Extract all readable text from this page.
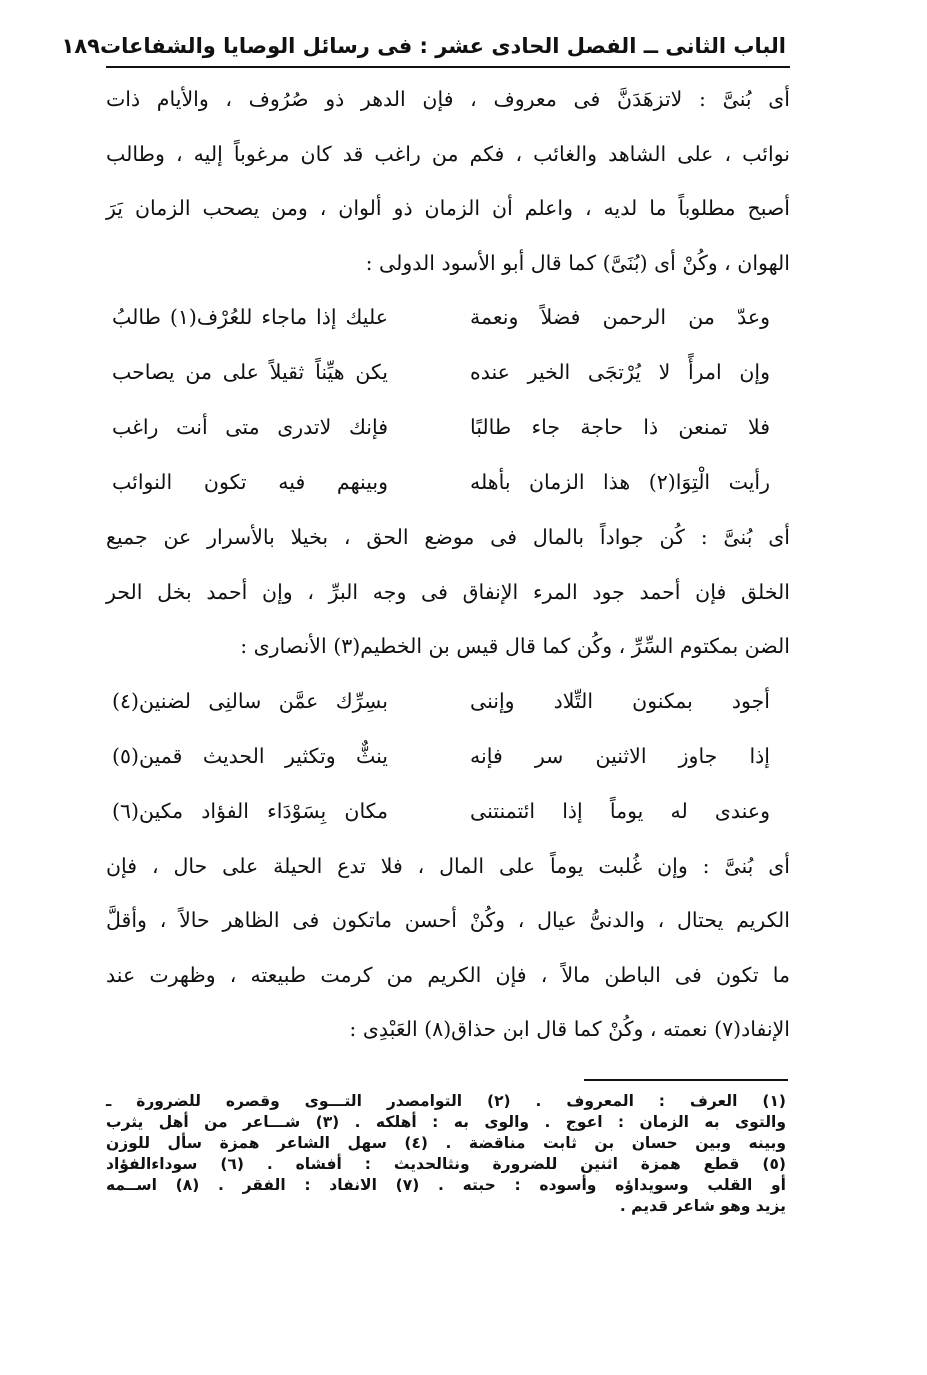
الباب الثانى ــ الفصل الحادى عشر : فى رسائل الوصايا والشفاعات
١٨٩

أى بُنىَّ : لاتزهَدَنَّ فى معروف ، فإن الدهر ذو صُرُوف ، والأيام ذات
نوائب ، على الشاهد والغائب ، فكم من راغب قد كان مرغوباً إليه ، وطالب
أصبح مطلوباً ما لديه ، واعلم أن الزمان ذو ألوان ، ومن يصحب الزمان يَرَ
الهوان ، وكُنْ أى (بُنَىَّ) كما قال أبو الأسود الدولى :

وعدّ من الرحمن فضلاً ونعمة
عليك إذا ماجاء للعُرْف(١) طالبُ
وإن امرأً لا يُرْتجَى الخير عنده
يكن هيِّناً ثقيلاً على من يصاحب
فلا تمنعن ذا حاجة جاء طالبًا
فإنك لاتدرى متى أنت راغب
رأيت الْتِوَا(٢) هذا الزمان بأهله
وبينهم فيه تكون النوائب

أى بُنىَّ : كُن جواداً بالمال فى موضع الحق ، بخيلا بالأسرار عن جميع
الخلق فإن أحمد جود المرء الإنفاق فى وجه البرِّ ، وإن أحمد بخل الحر
الضن بمكتوم السِّرِّ ، وكُن كما قال قيس بن الخطيم(٣) الأنصارى :

أجود بمكنون التِّلاد وإننى
بسِرِّك عمَّن سالنِى لضنين(٤)
إذا جاوز الاثنين سر فإنه
ينثٌّ وتكثير الحديث قمين(٥)
وعندى له يوماً إذا ائتمنتنى
مكان بِسَوْدَاء الفؤاد مكين(٦)

أى بُنىَّ : وإن غُلبت يوماً على المال ، فلا تدع الحيلة على حال ، فإن
الكريم يحتال ، والدنىُّ عيال ، وكُنْ أحسن ماتكون فى الظاهر حالاً ، وأقلَّ
ما تكون فى الباطن مالاً ، فإن الكريم من كرمت طبيعته ، وظهرت عند
الإنفاد(٧) نعمته ، وكُنْ كما قال ابن حذاق(٨) العَبْدِى :

(١) العرف : المعروف . (٢) التوامصدر التـــوى وقصره للضرورة ـ
والتوى به الزمان : اعوج . والوى به : أهلكه . (٣) شـــاعر من أهل يثرب
وبينه وبين حسان بن ثابت مناقضة . (٤) سهل الشاعر همزة سأل للوزن
(٥) قطع همزة اثنين للضرورة ونثالحديث : أفشاه . (٦) سوداءالفؤاد
أو القلب وسويداؤه وأسوده : حبته . (٧) الانفاد : الفقر . (٨) اســمه
يزيد وهو شاعر قديم .
